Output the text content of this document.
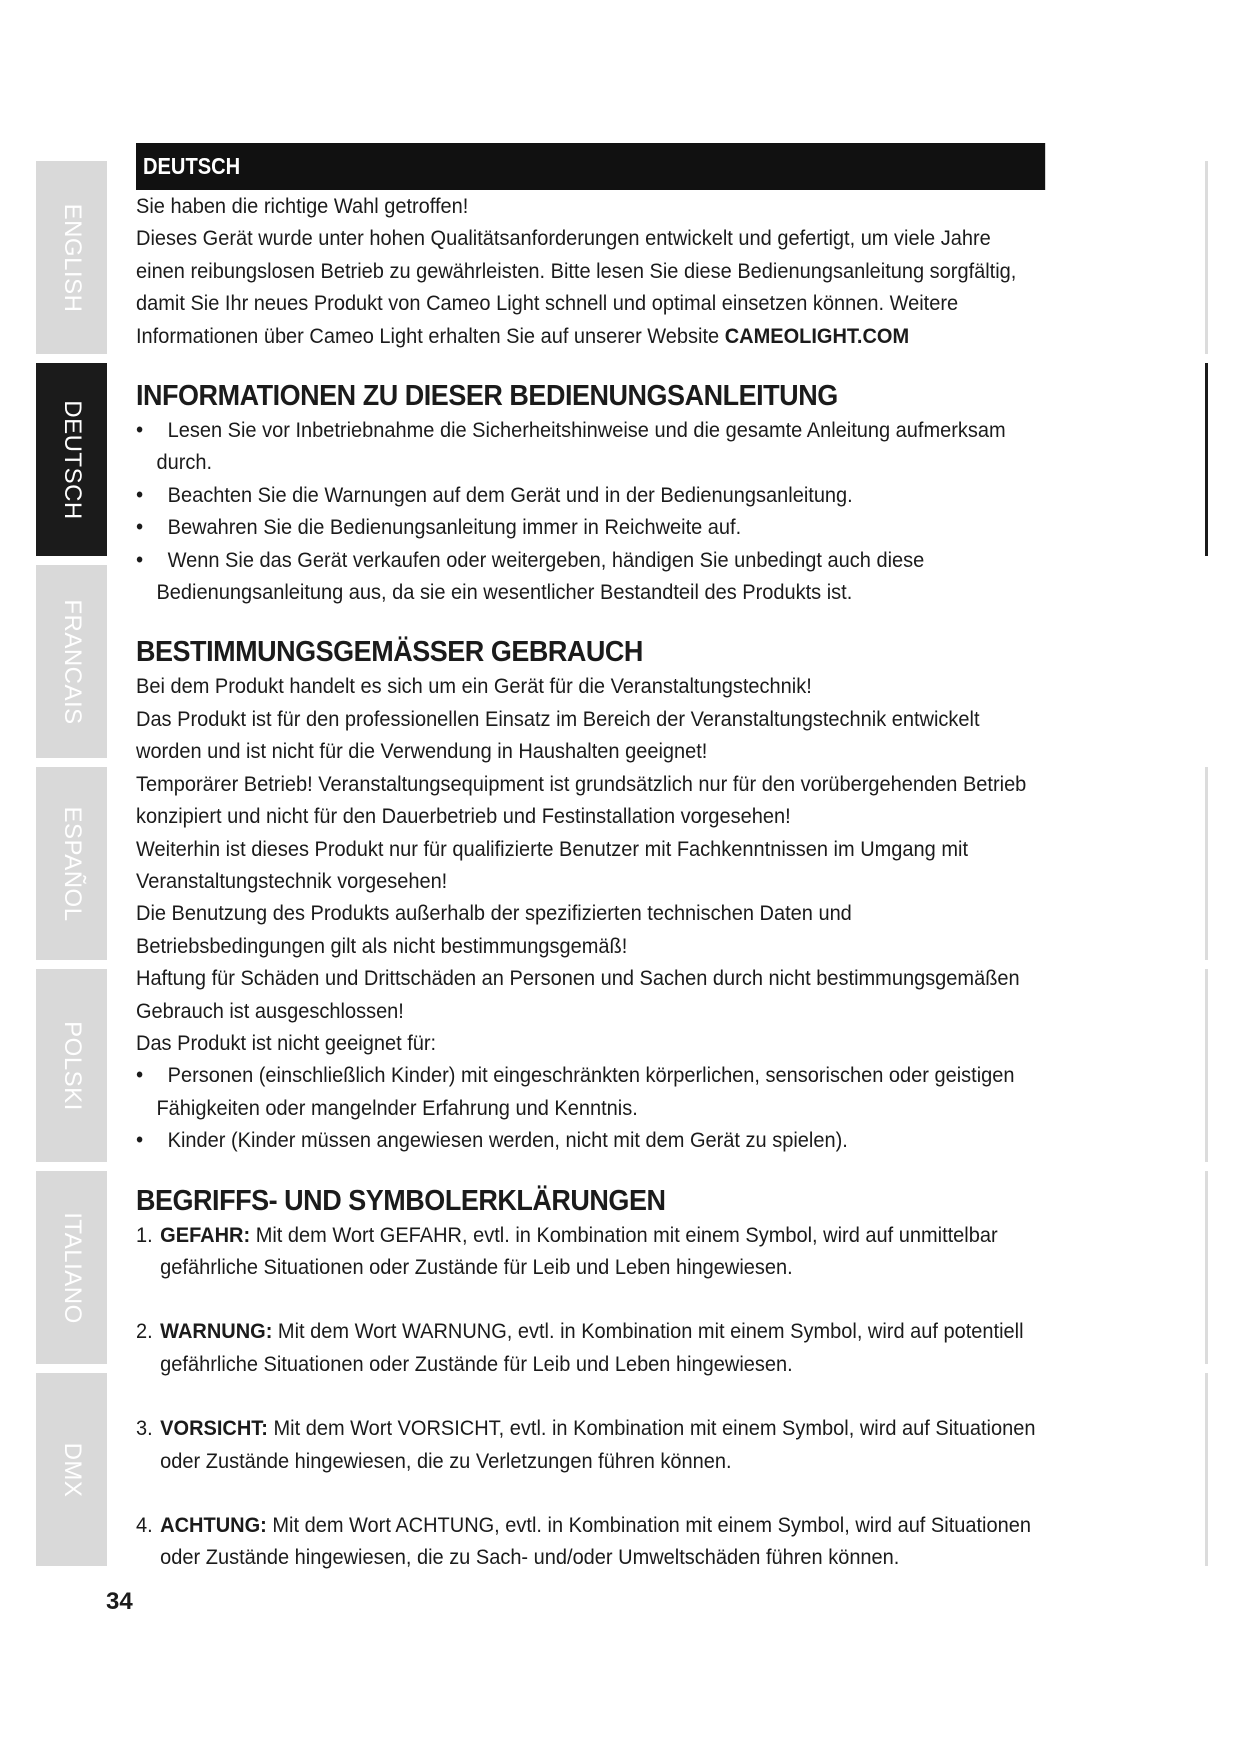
ENGLISH
DEUTSCH
FRANCAIS
ESPAÑOL
POLSKI
ITALIANO
DMX
DEUTSCH

Sie haben die richtige Wahl getroffen!

Dieses Gerät wurde unter hohen Qualitätsanforderungen entwickelt und gefertigt, um viele Jahre einen reibungslosen Betrieb zu gewährleisten. Bitte lesen Sie diese Bedienungsanleitung sorgfältig, damit Sie Ihr neues Produkt von Cameo Light schnell und optimal einsetzen können. Weitere Informationen über Cameo Light erhalten Sie auf unserer Website CAMEOLIGHT.COM

INFORMATIONEN ZU DIESER BEDIENUNGSANLEITUNG
• Lesen Sie vor Inbetriebnahme die Sicherheitshinweise und die gesamte Anleitung aufmerksam durch.
• Beachten Sie die Warnungen auf dem Gerät und in der Bedienungsanleitung.
• Bewahren Sie die Bedienungsanleitung immer in Reichweite auf.
• Wenn Sie das Gerät verkaufen oder weitergeben, händigen Sie unbedingt auch diese Bedienungsanleitung aus, da sie ein wesentlicher Bestandteil des Produkts ist.
BESTIMMUNGSGEMÄSSER GEBRAUCH

Bei dem Produkt handelt es sich um ein Gerät für die Veranstaltungstechnik!

Das Produkt ist für den professionellen Einsatz im Bereich der Veranstaltungstechnik entwickelt worden und ist nicht für die Verwendung in Haushalten geeignet!

Temporärer Betrieb! Veranstaltungsequipment ist grundsätzlich nur für den vorübergehenden Betrieb konzipiert und nicht für den Dauerbetrieb und Festinstallation vorgesehen!

Weiterhin ist dieses Produkt nur für qualifizierte Benutzer mit Fachkenntnissen im Umgang mit Veranstaltungstechnik vorgesehen!

Die Benutzung des Produkts außerhalb der spezifizierten technischen Daten und Betriebsbedingungen gilt als nicht bestimmungsgemäß!

Haftung für Schäden und Drittschäden an Personen und Sachen durch nicht bestimmungsgemäßen Gebrauch ist ausgeschlossen!

Das Produkt ist nicht geeignet für:

• Personen (einschließlich Kinder) mit eingeschränkten körperlichen, sensorischen oder geistigen Fähigkeiten oder mangelnder Erfahrung und Kenntnis.
• Kinder (Kinder müssen angewiesen werden, nicht mit dem Gerät zu spielen).
BEGRIFFS- UND SYMBOLERKLÄRUNGEN
1. GEFAHR: Mit dem Wort GEFAHR, evtl. in Kombination mit einem Symbol, wird auf unmittelbar gefährliche Situationen oder Zustände für Leib und Leben hingewiesen.
2. WARNUNG: Mit dem Wort WARNUNG, evtl. in Kombination mit einem Symbol, wird auf potentiell gefährliche Situationen oder Zustände für Leib und Leben hingewiesen.
3. VORSICHT: Mit dem Wort VORSICHT, evtl. in Kombination mit einem Symbol, wird auf Situationen oder Zustände hingewiesen, die zu Verletzungen führen können.
4. ACHTUNG: Mit dem Wort ACHTUNG, evtl. in Kombination mit einem Symbol, wird auf Situationen oder Zustände hingewiesen, die zu Sach- und/oder Umweltschäden führen können.
34
